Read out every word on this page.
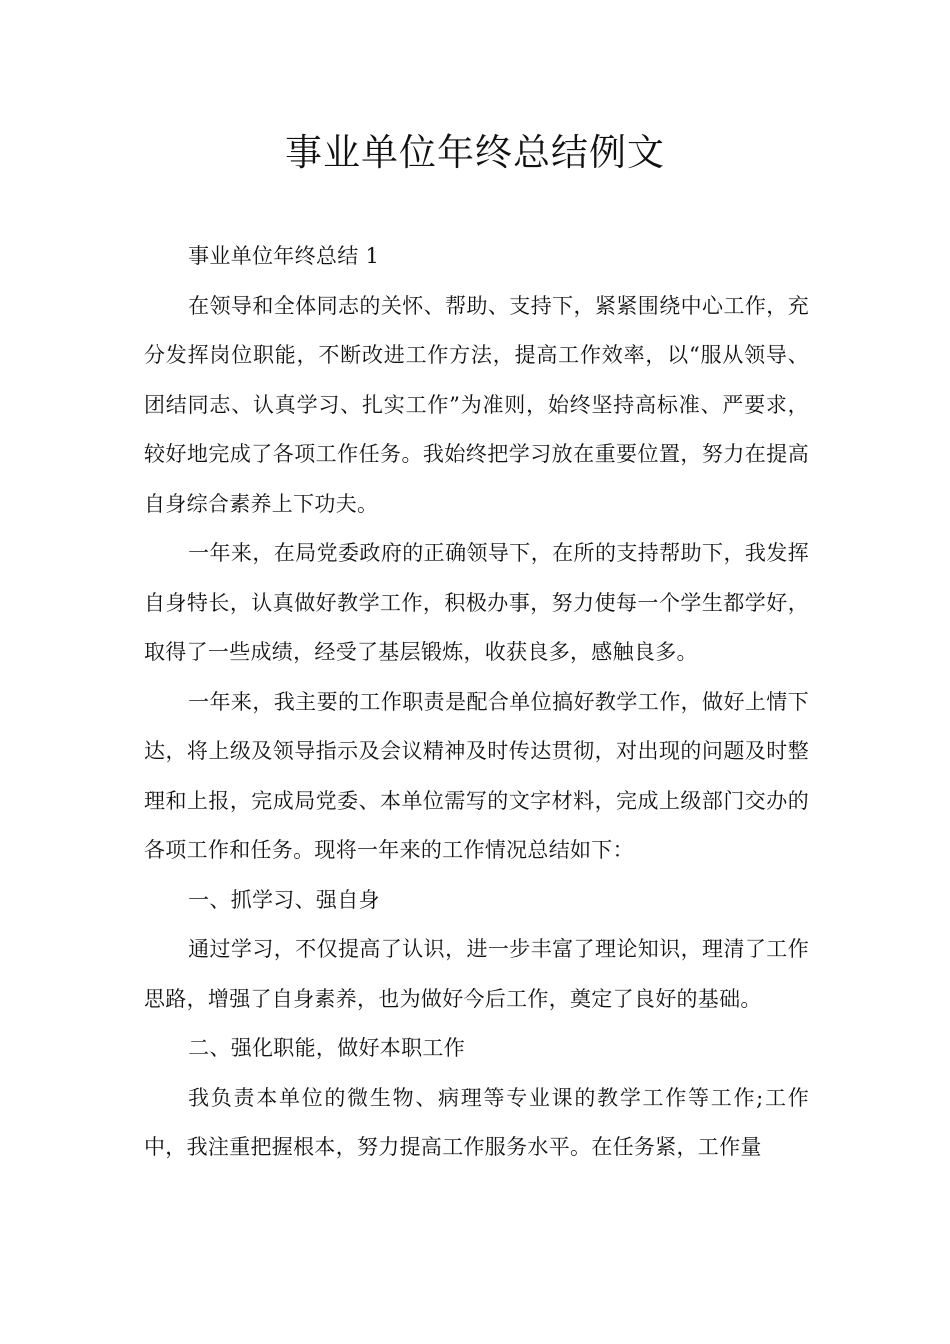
事业单位年终总结例文

事业单位年终总结 1

在领导和全体同志的关怀、帮助、支持下，紧紧围绕中心工作，充分发挥岗位职能，不断改进工作方法，提高工作效率，以“服从领导、团结同志、认真学习、扎实工作”为准则，始终坚持高标准、严要求，较好地完成了各项工作任务。我始终把学习放在重要位置，努力在提高自身综合素养上下功夫。

一年来，在局党委政府的正确领导下，在所的支持帮助下，我发挥自身特长，认真做好教学工作，积极办事，努力使每一个学生都学好，取得了一些成绩，经受了基层锻炼，收获良多，感触良多。

一年来，我主要的工作职责是配合单位搞好教学工作，做好上情下达，将上级及领导指示及会议精神及时传达贯彻，对出现的问题及时整理和上报，完成局党委、本单位需写的文字材料，完成上级部门交办的各项工作和任务。现将一年来的工作情况总结如下：

一、抓学习、强自身

通过学习，不仅提高了认识，进一步丰富了理论知识，理清了工作思路，增强了自身素养，也为做好今后工作，奠定了良好的基础。

二、强化职能，做好本职工作

我负责本单位的微生物、病理等专业课的教学工作等工作;工作中，我注重把握根本，努力提高工作服务水平。在任务紧，工作量
